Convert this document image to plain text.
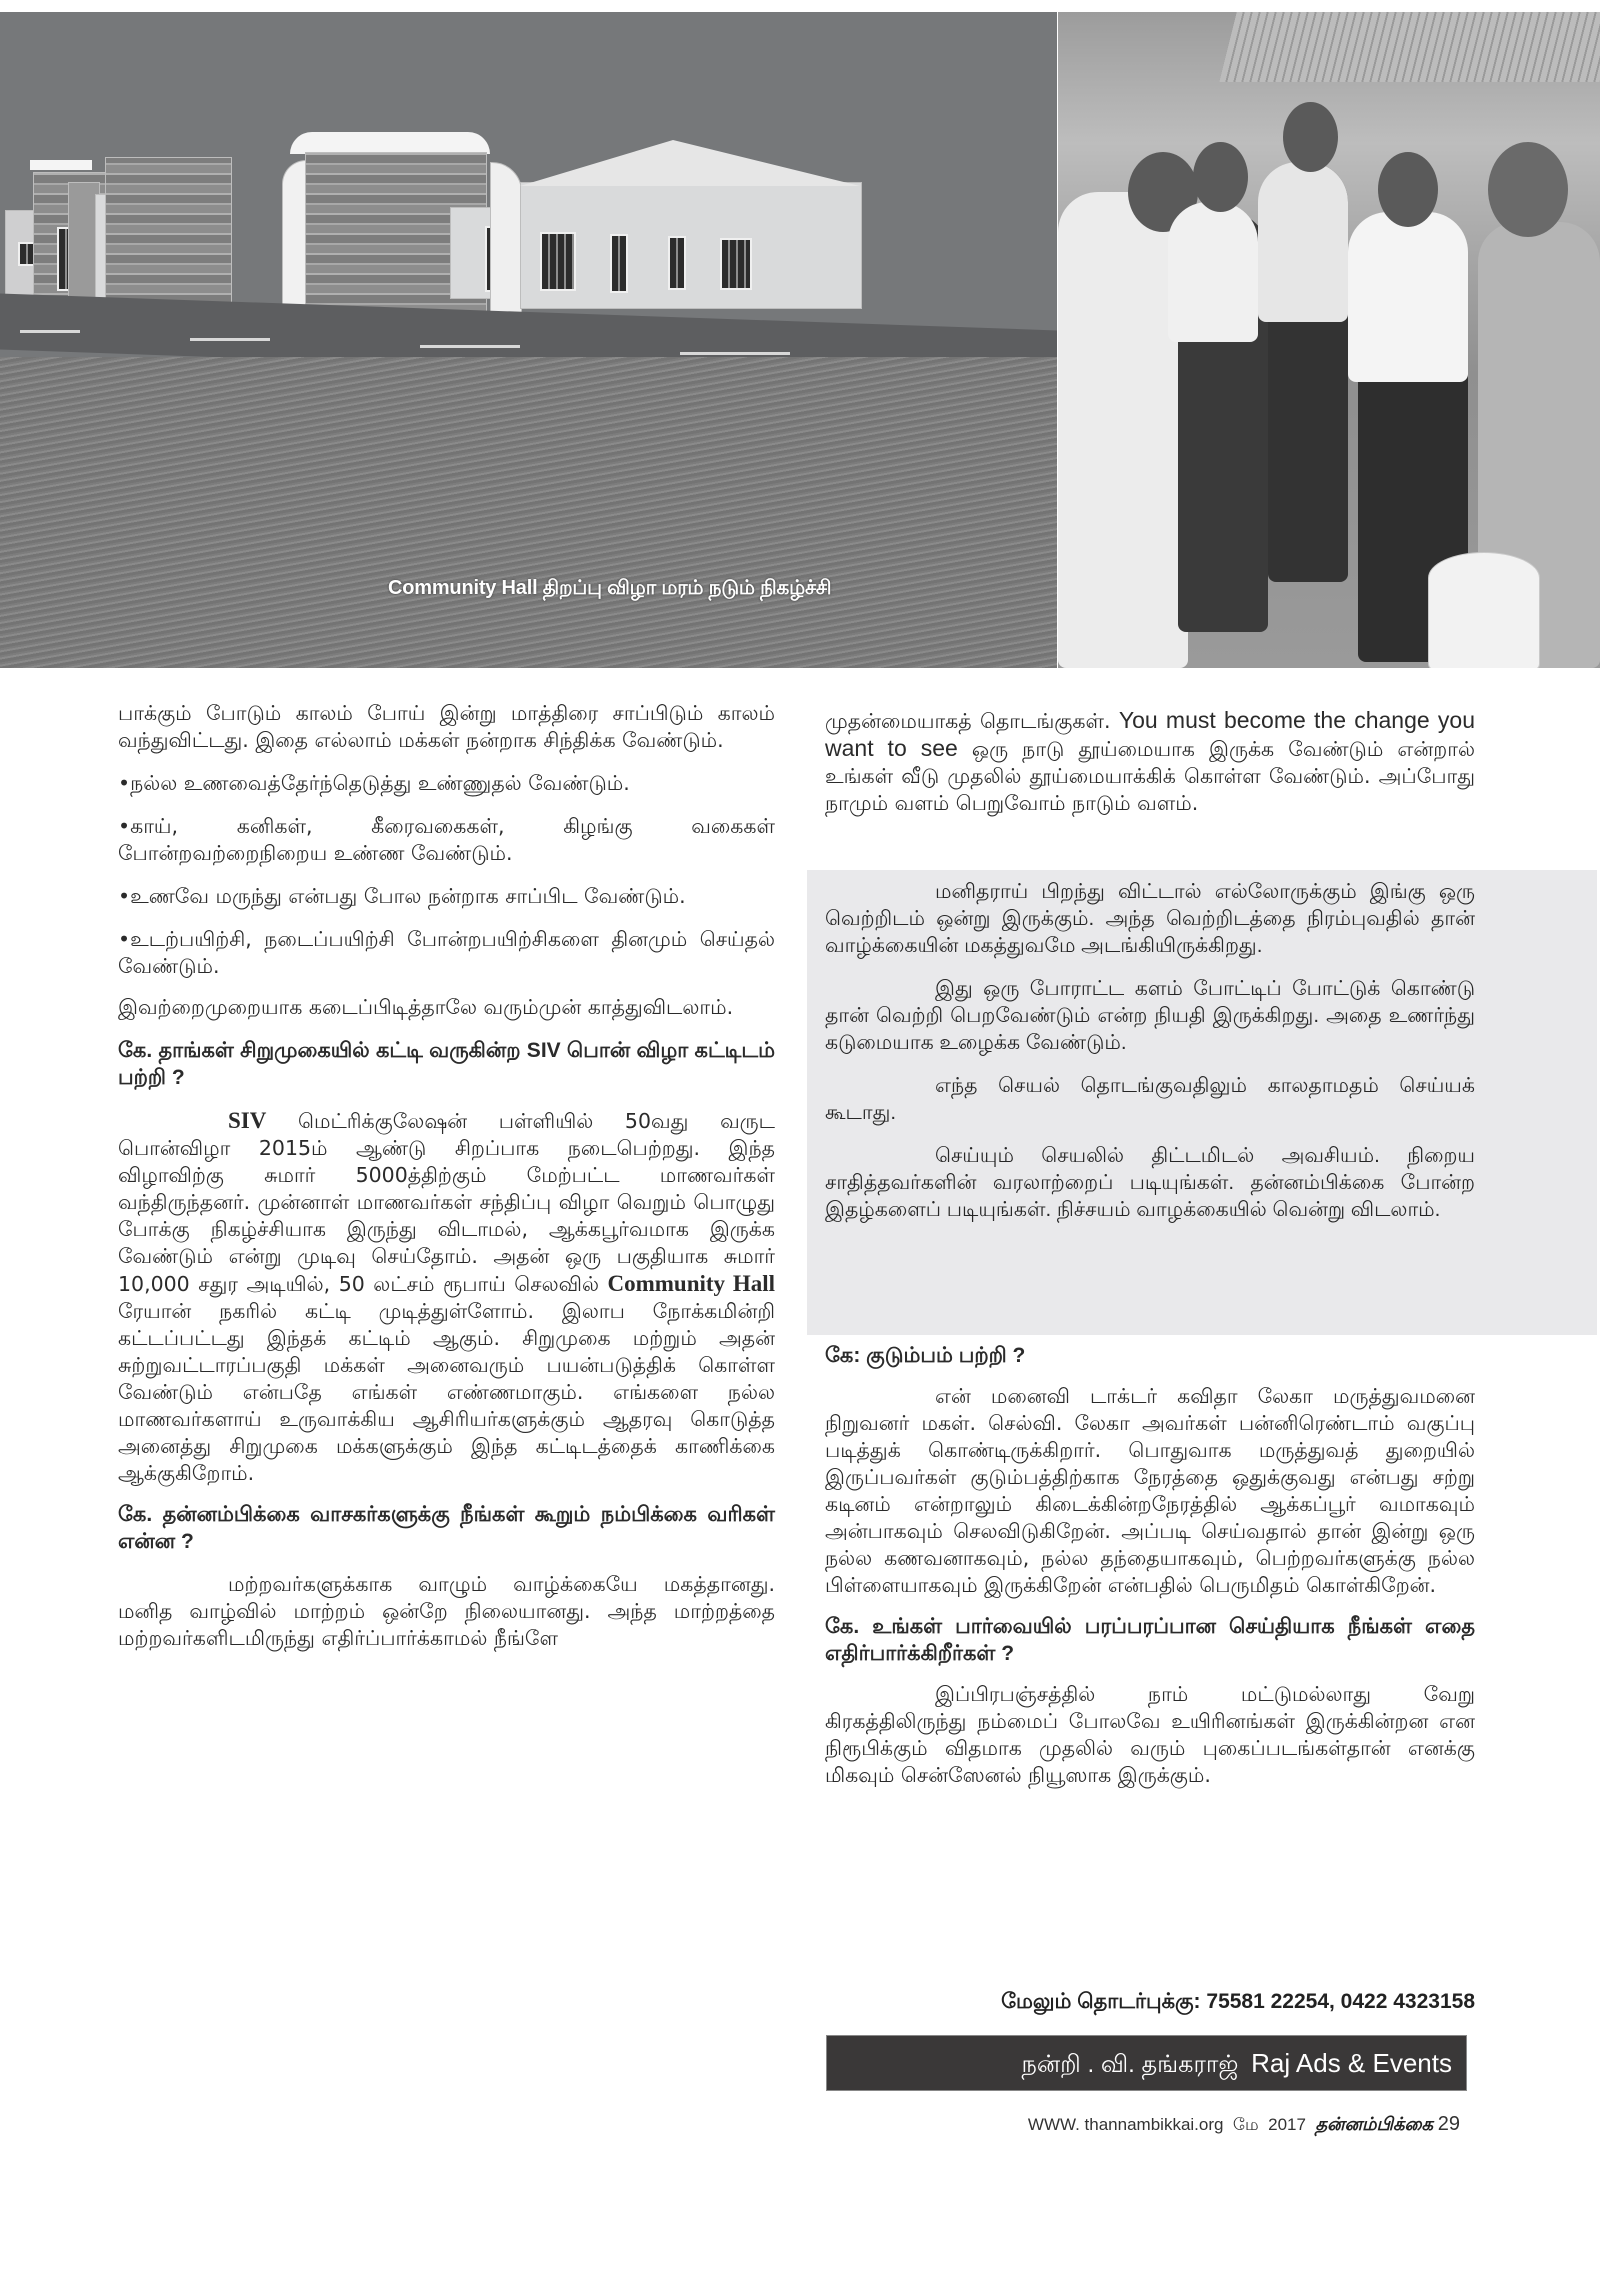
Community Hall திறப்பு விழா மரம் நடும் நிகழ்ச்சி

பாக்கும் போடும் காலம் போய் இன்று மாத்திரை சாப்பிடும் காலம் வந்துவிட்டது. இதை எல்லாம் மக்கள் நன்றாக சிந்திக்க வேண்டும்.

•நல்ல உணவைத்தேர்ந்தெடுத்து உண்ணுதல் வேண்டும்.

•காய், கனிகள், கீரைவகைகள், கிழங்கு வகைகள் போன்றவற்றைநிறைய உண்ண வேண்டும்.

•உணவே மருந்து என்பது போல நன்றாக சாப்பிட வேண்டும்.

•உடற்பயிற்சி, நடைப்பயிற்சி போன்றபயிற்சிகளை தினமும் செய்தல் வேண்டும்.

இவற்றைமுறையாக கடைப்பிடித்தாலே வரும்முன் காத்துவிடலாம்.

கே. தாங்கள் சிறுமுகையில் கட்டி வருகின்ற SIV பொன் விழா கட்டிடம் பற்றி ?

SIV மெட்ரிக்குலேஷன் பள்ளியில் 50வது வருட பொன்விழா 2015ம் ஆண்டு சிறப்பாக நடைபெற்றது. இந்த விழாவிற்கு சுமார் 5000த்திற்கும் மேற்பட்ட மாணவர்கள் வந்திருந்தனர். முன்னாள் மாணவர்கள் சந்திப்பு விழா வெறும் பொழுது போக்கு நிகழ்ச்சியாக இருந்து விடாமல், ஆக்கபூர்வமாக இருக்க வேண்டும் என்று முடிவு செய்தோம். அதன் ஒரு பகுதியாக சுமார் 10,000 சதுர அடியில், 50 லட்சம் ரூபாய் செலவில் Community Hall ரேயான் நகரில் கட்டி முடித்துள்ளோம். இலாப நோக்கமின்றி கட்டப்பட்டது இந்தக் கட்டிம் ஆகும். சிறுமுகை மற்றும் அதன் சுற்றுவட்டாரப்பகுதி மக்கள் அனைவரும் பயன்படுத்திக் கொள்ள வேண்டும் என்பதே எங்கள் எண்ணமாகும். எங்களை நல்ல மாணவர்களாய் உருவாக்கிய ஆசிரியர்களுக்கும் ஆதரவு கொடுத்த அனைத்து சிறுமுகை மக்களுக்கும் இந்த கட்டிடத்தைக் காணிக்கை ஆக்குகிறோம்.

கே. தன்னம்பிக்கை வாசகர்களுக்கு நீங்கள் கூறும் நம்பிக்கை வரிகள் என்ன ?

மற்றவர்களுக்காக வாழும் வாழ்க்கையே மகத்தானது. மனித வாழ்வில் மாற்றம் ஒன்றே நிலையானது. அந்த மாற்றத்தை மற்றவர்களிடமிருந்து எதிர்ப்பார்க்காமல் நீங்ளே

முதன்மையாகத் தொடங்குகள். You must become the change you want to see ஒரு நாடு தூய்மையாக இருக்க வேண்டும் என்றால் உங்கள் வீடு முதலில் தூய்மையாக்கிக் கொள்ள வேண்டும். அப்போது நாமும் வளம் பெறுவோம் நாடும் வளம்.

மனிதராய் பிறந்து விட்டால் எல்லோருக்கும் இங்கு ஒரு வெற்றிடம் ஒன்று இருக்கும். அந்த வெற்றிடத்தை நிரம்புவதில் தான் வாழ்க்கையின் மகத்துவமே அடங்கியிருக்கிறது.

இது ஒரு போராட்ட களம் போட்டிப் போட்டுக் கொண்டு தான் வெற்றி பெறவேண்டும் என்ற நியதி இருக்கிறது. அதை உணர்ந்து கடுமையாக உழைக்க வேண்டும்.

எந்த செயல் தொடங்குவதிலும் காலதாமதம் செய்யக் கூடாது.

செய்யும் செயலில் திட்டமிடல் அவசியம். நிறைய சாதித்தவர்களின் வரலாற்றைப் படியுங்கள். தன்னம்பிக்கை போன்ற இதழ்களைப் படியுங்கள். நிச்சயம் வாழக்கையில் வென்று விடலாம்.

கே: குடும்பம் பற்றி ?

என் மனைவி டாக்டர் கவிதா லேகா மருத்துவமனை நிறுவனர் மகள். செல்வி. லேகா அவர்கள் பன்னிரெண்டாம் வகுப்பு படித்துக் கொண்டிருக்கிறார். பொதுவாக மருத்துவத் துறையில் இருப்பவர்கள் குடும்பத்திற்காக நேரத்தை ஒதுக்குவது என்பது சற்று கடினம் என்றாலும் கிடைக்கின்றநேரத்தில் ஆக்கப்பூர் வமாகவும் அன்பாகவும் செலவிடுகிறேன். அப்படி செய்வதால் தான் இன்று ஒரு நல்ல கணவனாகவும், நல்ல தந்தையாகவும், பெற்றவர்களுக்கு நல்ல பிள்ளையாகவும் இருக்கிறேன் என்பதில் பெருமிதம் கொள்கிறேன்.

கே. உங்கள் பார்வையில் பரப்பரப்பான செய்தியாக நீங்கள் எதை எதிர்பார்க்கிறீர்கள் ?

இப்பிரபஞ்சத்தில் நாம் மட்டுமல்லாது வேறு கிரகத்திலிருந்து நம்மைப் போலவே உயிரினங்கள் இருக்கின்றன என நிரூபிக்கும் விதமாக முதலில் வரும் புகைப்படங்கள்தான் எனக்கு மிகவும் சென்ஸேனல் நியூஸாக இருக்கும்.

மேலும் தொடர்புக்கு: 75581 22254, 0422 4323158
நன்றி . வி. தங்கராஜ் Raj Ads & Events
WWW. thannambikkai.org மே 2017 தன்னம்பிக்கை 29
